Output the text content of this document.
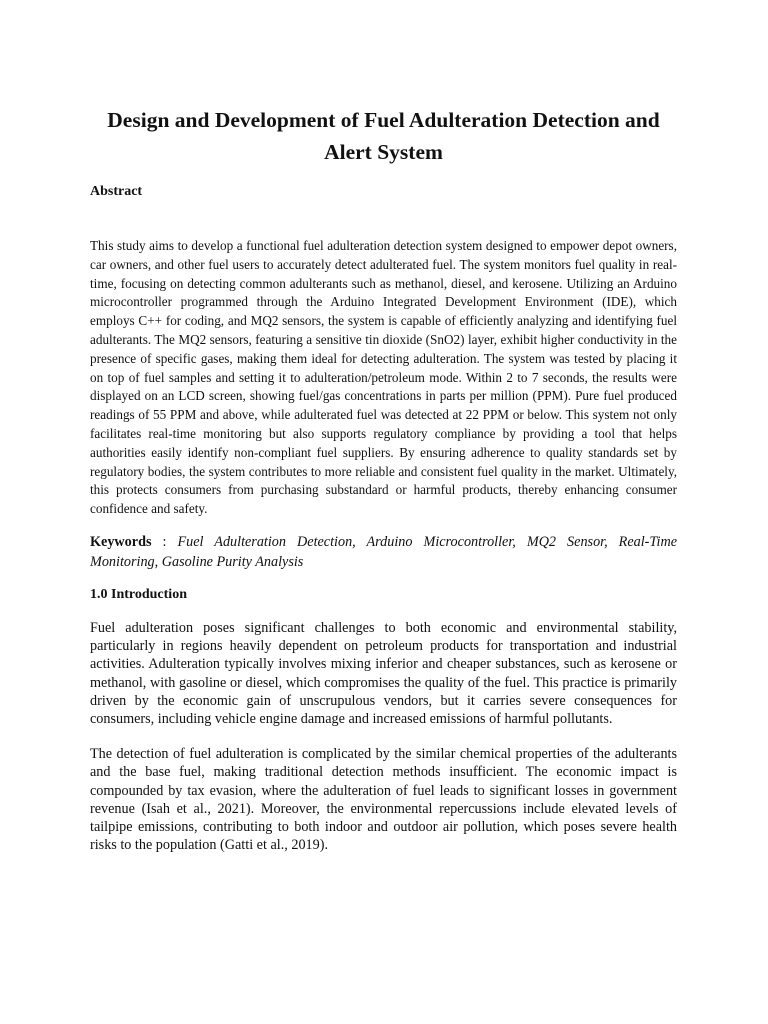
Design and Development of Fuel Adulteration Detection and Alert System
Abstract

This study aims to develop a functional fuel adulteration detection system designed to empower depot owners, car owners, and other fuel users to accurately detect adulterated fuel. The system monitors fuel quality in real-time, focusing on detecting common adulterants such as methanol, diesel, and kerosene. Utilizing an Arduino microcontroller programmed through the Arduino Integrated Development Environment (IDE), which employs C++ for coding, and MQ2 sensors, the system is capable of efficiently analyzing and identifying fuel adulterants. The MQ2 sensors, featuring a sensitive tin dioxide (SnO2) layer, exhibit higher conductivity in the presence of specific gases, making them ideal for detecting adulteration. The system was tested by placing it on top of fuel samples and setting it to adulteration/petroleum mode. Within 2 to 7 seconds, the results were displayed on an LCD screen, showing fuel/gas concentrations in parts per million (PPM). Pure fuel produced readings of 55 PPM and above, while adulterated fuel was detected at 22 PPM or below. This system not only facilitates real-time monitoring but also supports regulatory compliance by providing a tool that helps authorities easily identify non-compliant fuel suppliers. By ensuring adherence to quality standards set by regulatory bodies, the system contributes to more reliable and consistent fuel quality in the market. Ultimately, this protects consumers from purchasing substandard or harmful products, thereby enhancing consumer confidence and safety.

Keywords : Fuel Adulteration Detection, Arduino Microcontroller, MQ2 Sensor, Real-Time Monitoring, Gasoline Purity Analysis

1.0 Introduction

Fuel adulteration poses significant challenges to both economic and environmental stability, particularly in regions heavily dependent on petroleum products for transportation and industrial activities. Adulteration typically involves mixing inferior and cheaper substances, such as kerosene or methanol, with gasoline or diesel, which compromises the quality of the fuel. This practice is primarily driven by the economic gain of unscrupulous vendors, but it carries severe consequences for consumers, including vehicle engine damage and increased emissions of harmful pollutants.

The detection of fuel adulteration is complicated by the similar chemical properties of the adulterants and the base fuel, making traditional detection methods insufficient. The economic impact is compounded by tax evasion, where the adulteration of fuel leads to significant losses in government revenue (Isah et al., 2021). Moreover, the environmental repercussions include elevated levels of tailpipe emissions, contributing to both indoor and outdoor air pollution, which poses severe health risks to the population (Gatti et al., 2019).
